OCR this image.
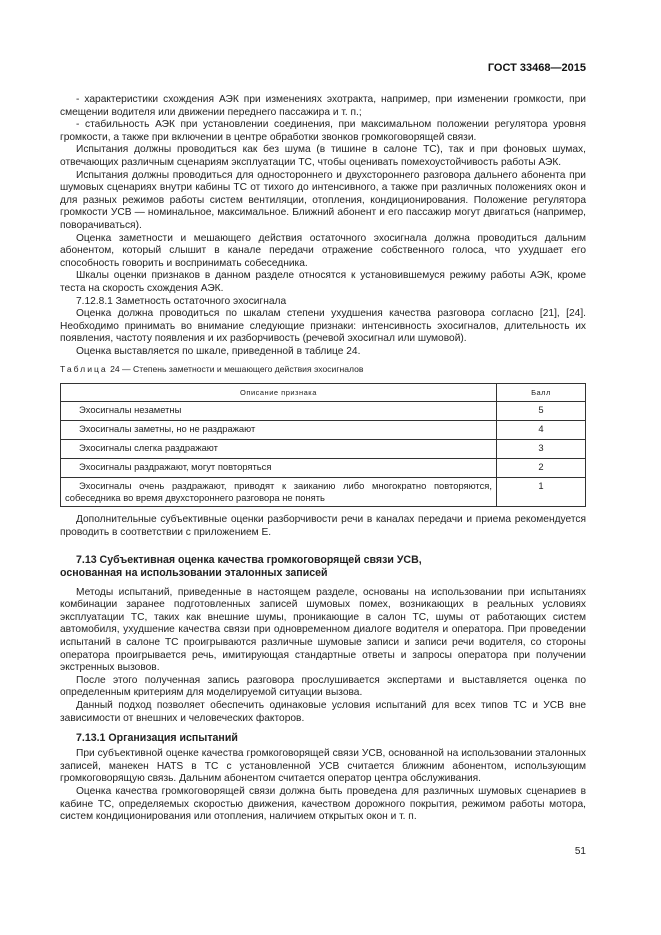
ГОСТ 33468—2015

- характеристики схождения АЭК при изменениях эхотракта, например, при изменении громкости, при смещении водителя или движении переднего пассажира и т. п.;

- стабильность АЭК при установлении соединения, при максимальном положении регулятора уровня громкости, а также при включении в центре обработки звонков громкоговорящей связи.

Испытания должны проводиться как без шума (в тишине в салоне ТС), так и при фоновых шумах, отвечающих различным сценариям эксплуатации ТС, чтобы оценивать помехоустойчивость работы АЭК.

Испытания должны проводиться для одностороннего и двухстороннего разговора дальнего абонента при шумовых сценариях внутри кабины ТС от тихого до интенсивного, а также при различных положениях окон и для разных режимов работы систем вентиляции, отопления, кондиционирования. Положение регулятора громкости УСВ — номинальное, максимальное. Ближний абонент и его пассажир могут двигаться (например, поворачиваться).

Оценка заметности и мешающего действия остаточного эхосигнала должна проводиться дальним абонентом, который слышит в канале передачи отражение собственного голоса, что ухудшает его способность говорить и воспринимать собеседника.

Шкалы оценки признаков в данном разделе относятся к установившемуся режиму работы АЭК, кроме теста на скорость схождения АЭК.

7.12.8.1 Заметность остаточного эхосигнала

Оценка должна проводиться по шкалам степени ухудшения качества разговора согласно [21], [24]. Необходимо принимать во внимание следующие признаки: интенсивность эхосигналов, длительность их появления, частоту появления и их разборчивость (речевой эхосигнал или шумовой).

Оценка выставляется по шкале, приведенной в таблице 24.

Таблица 24 — Степень заметности и мешающего действия эхосигналов

Описание признака	Балл
Эхосигналы незаметны	5
Эхосигналы заметны, но не раздражают	4
Эхосигналы слегка раздражают	3
Эхосигналы раздражают, могут повторяться	2
Эхосигналы очень раздражают, приводят к заиканию либо многократно повторяются, собеседника во время двухстороннего разговора не понять	1

Дополнительные субъективные оценки разборчивости речи в каналах передачи и приема рекомендуется проводить в соответствии с приложением Е.

7.13 Субъективная оценка качества громкоговорящей связи УСВ,
основанная на использовании эталонных записей

Методы испытаний, приведенные в настоящем разделе, основаны на использовании при испытаниях комбинации заранее подготовленных записей шумовых помех, возникающих в реальных условиях эксплуатации ТС, таких как внешние шумы, проникающие в салон ТС, шумы от работающих систем автомобиля, ухудшение качества связи при одновременном диалоге водителя и оператора. При проведении испытаний в салоне ТС проигрываются различные шумовые записи и записи речи водителя, со стороны оператора проигрывается речь, имитирующая стандартные ответы и запросы оператора при получении экстренных вызовов.

После этого полученная запись разговора прослушивается экспертами и выставляется оценка по определенным критериям для моделируемой ситуации вызова.

Данный подход позволяет обеспечить одинаковые условия испытаний для всех типов ТС и УСВ вне зависимости от внешних и человеческих факторов.

7.13.1 Организация испытаний

При субъективной оценке качества громкоговорящей связи УСВ, основанной на использовании эталонных записей, манекен HATS в ТС с установленной УСВ считается ближним абонентом, использующим громкоговорящую связь. Дальним абонентом считается оператор центра обслуживания.

Оценка качества громкоговорящей связи должна быть проведена для различных шумовых сценариев в кабине ТС, определяемых скоростью движения, качеством дорожного покрытия, режимом работы мотора, систем кондиционирования или отопления, наличием открытых окон и т. п.

51
